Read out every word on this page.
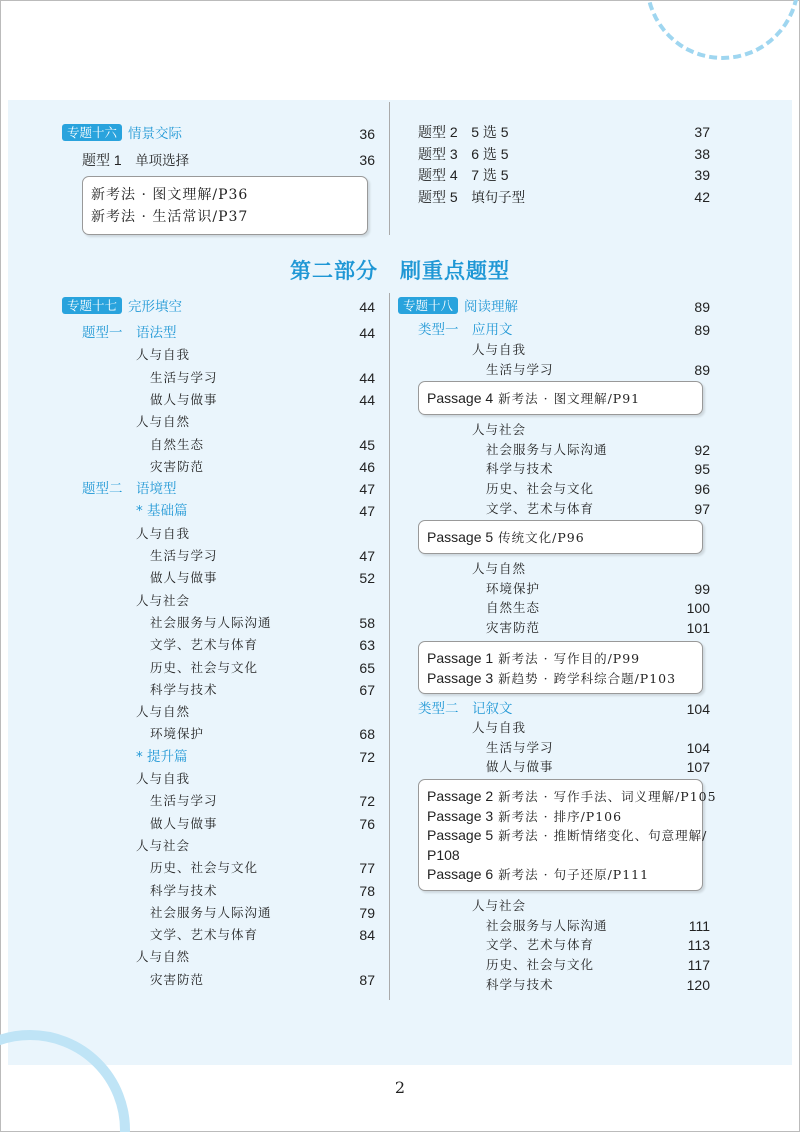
专题十六 情景交际	36
题型 1　 单项选择	36
新考法 · 图文理解/P36
新考法 · 生活常识/P37
题型 2　 5 选 5	37
题型 3　 6 选 5	38
题型 4　 7 选 5	39
题型 5　 填句子型	42
第二部分　刷重点题型
专题十七 完形填空	44
题型一　语法型	44
人与自我
生活与学习	44
做人与做事	44
人与自然
自然生态	45
灾害防范	46
题型二　语境型	47
* 基础篇	47
人与自我
生活与学习	47
做人与做事	52
人与社会
社会服务与人际沟通	58
文学、艺术与体育	63
历史、社会与文化	65
科学与技术	67
人与自然
环境保护	68
* 提升篇	72
人与自我
生活与学习	72
做人与做事	76
人与社会
历史、社会与文化	77
科学与技术	78
社会服务与人际沟通	79
文学、艺术与体育	84
人与自然
灾害防范	87
专题十八 阅读理解	89
类型一　应用文	89
人与自我
生活与学习	89
Passage 4 新考法 · 图文理解/P91
人与社会
社会服务与人际沟通	92
科学与技术	95
历史、社会与文化	96
文学、艺术与体育	97
Passage 5 传统文化/P96
人与自然
环境保护	99
自然生态	100
灾害防范	101
Passage 1 新考法 · 写作目的/P99
Passage 3 新趋势 · 跨学科综合题/P103
类型二　记叙文	104
人与自我
生活与学习	104
做人与做事	107
Passage 2 新考法 · 写作手法、词义理解/P105
Passage 3 新考法 · 排序/P106
Passage 5 新考法 · 推断情绪变化、句意理解/
P108
Passage 6 新考法 · 句子还原/P111
人与社会
社会服务与人际沟通	111
文学、艺术与体育	113
历史、社会与文化	117
科学与技术	120
2
